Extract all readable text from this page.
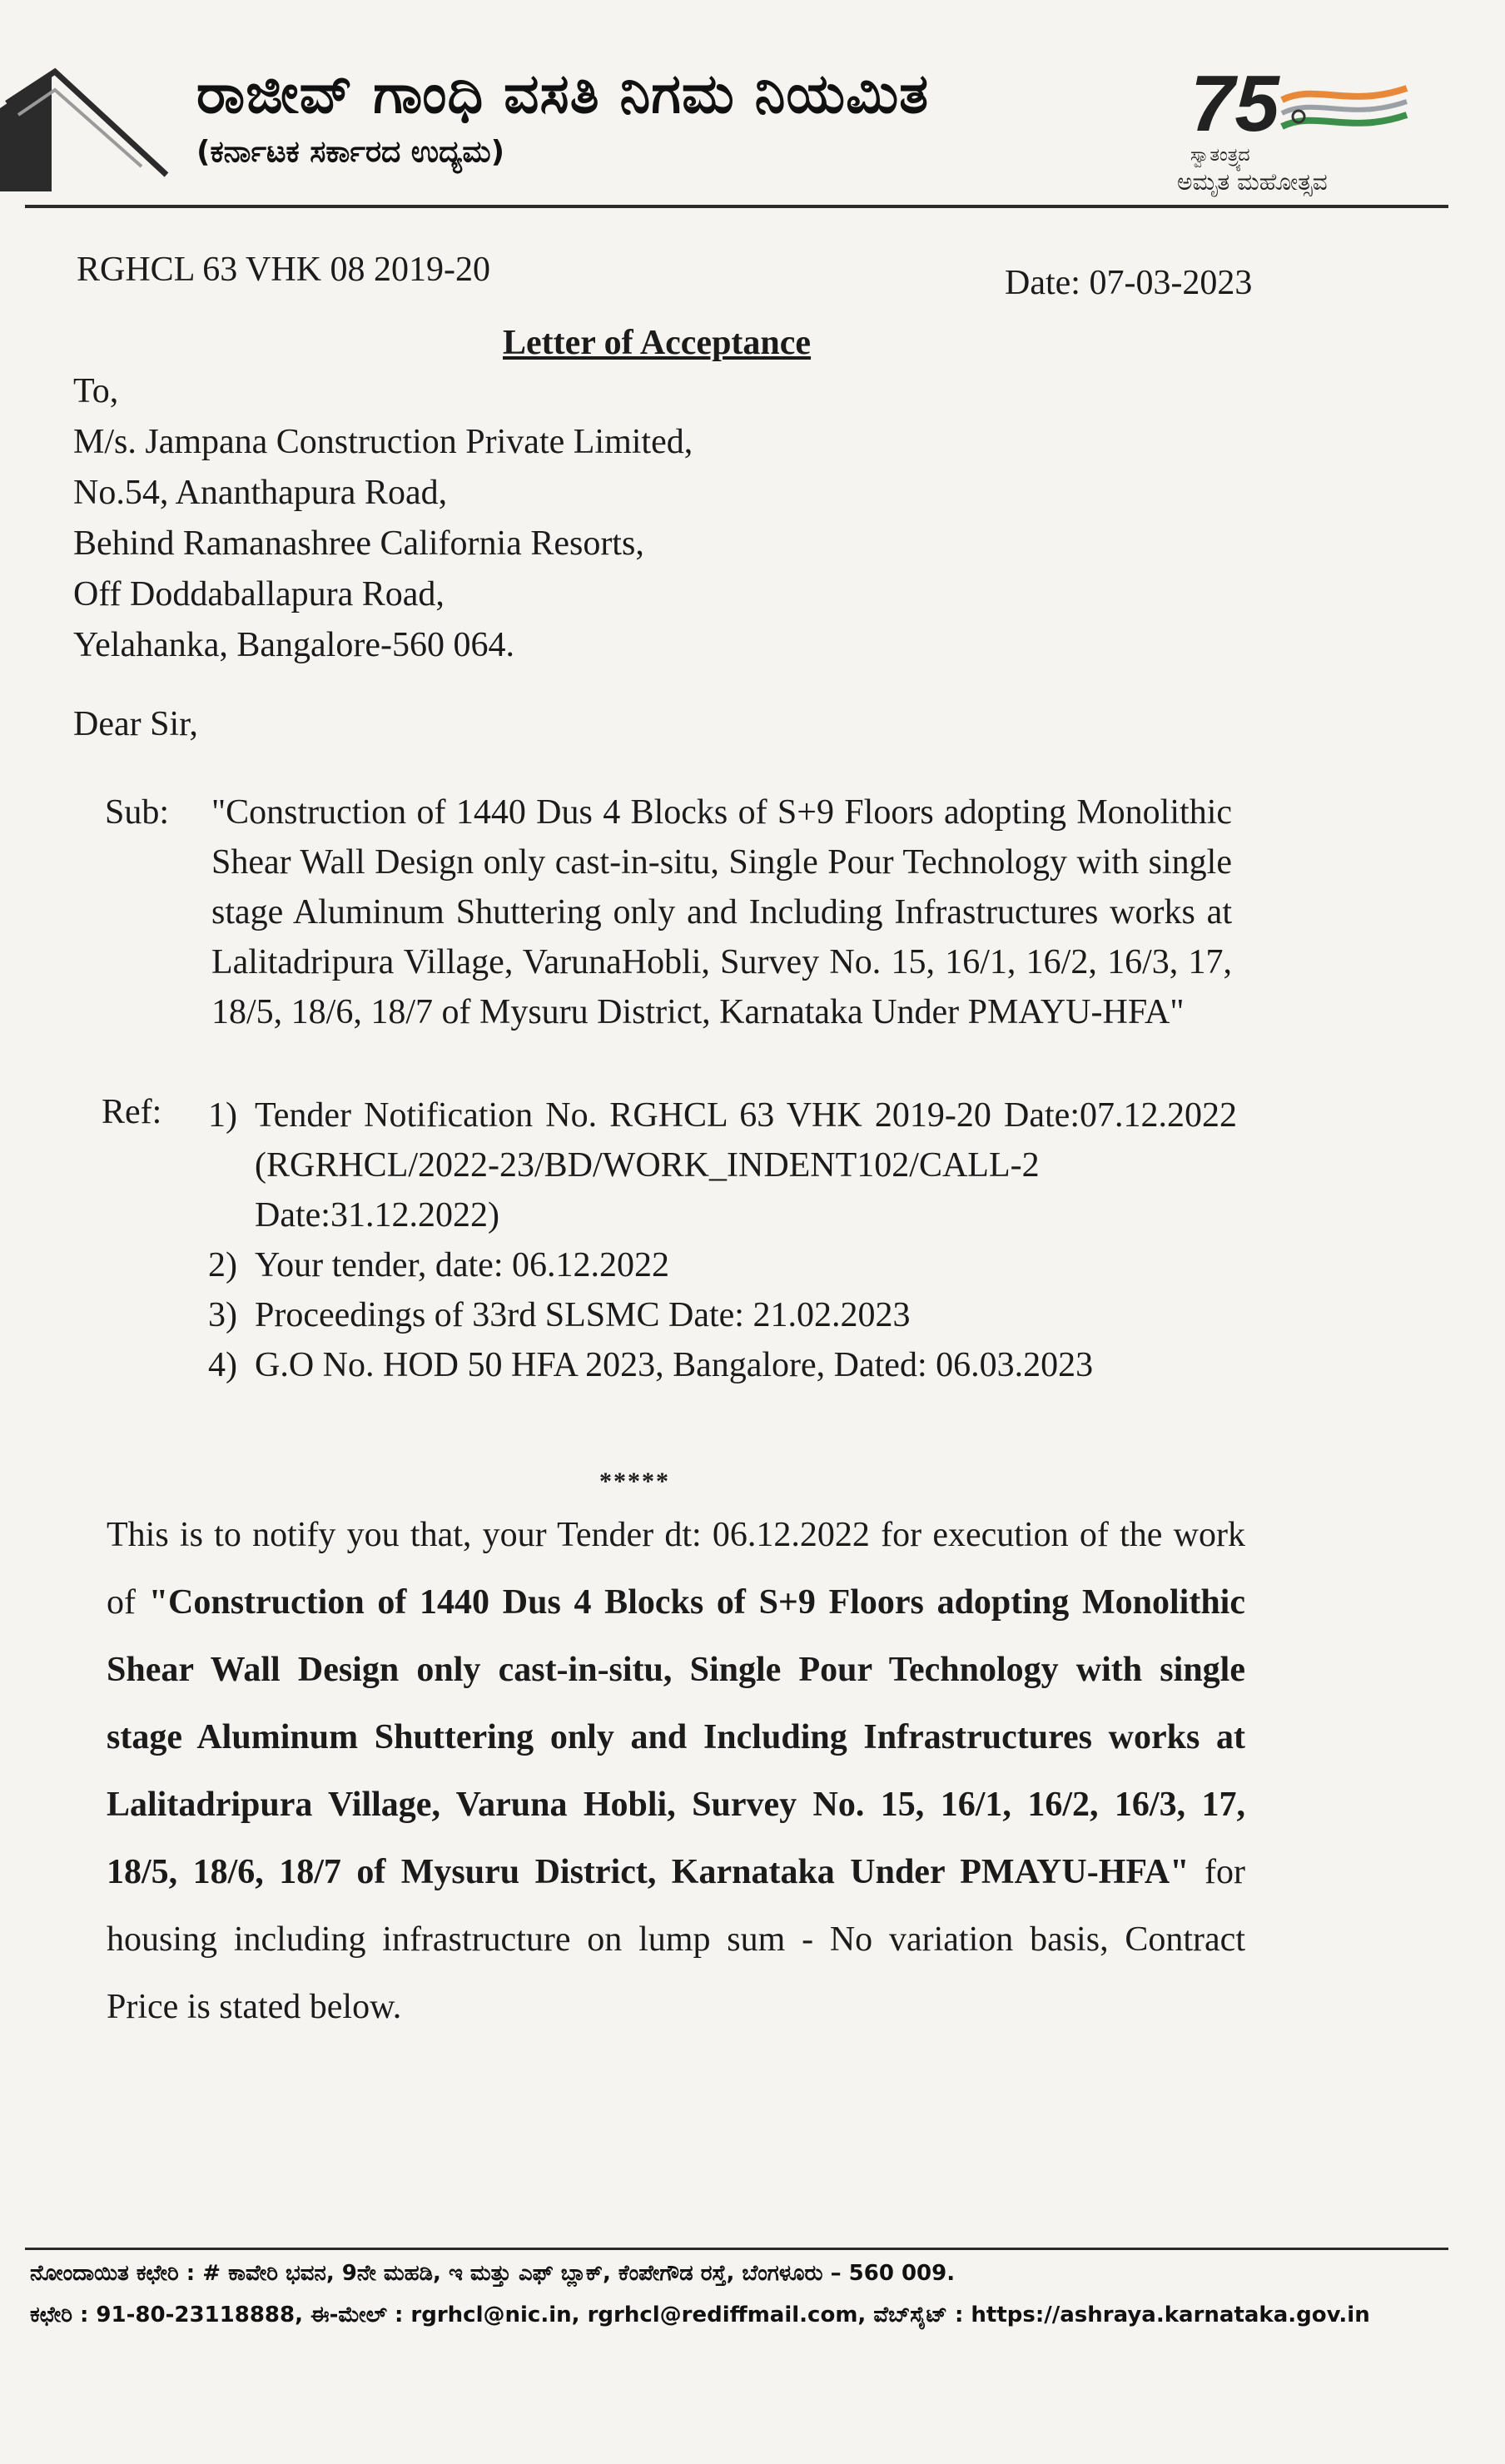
ರಾಜೀವ್ ಗಾಂಧಿ ವಸತಿ ನಿಗಮ ನಿಯಮಿತ
(ಕರ್ನಾಟಕ ಸರ್ಕಾರದ ಉದ್ಯಮ)
75
ಸ್ವಾತಂತ್ರ್ಯದ
ಅಮೃತ ಮಹೋತ್ಸವ
RGHCL 63 VHK 08 2019-20	Date: 07-03-2023
Letter of Acceptance
To,
M/s. Jampana Construction Private Limited,
No.54, Ananthapura Road,
Behind Ramanashree California Resorts,
Off Doddaballapura Road,
Yelahanka, Bangalore-560 064.
Dear Sir,
Sub: "Construction of 1440 Dus 4 Blocks of S+9 Floors adopting Monolithic Shear Wall Design only cast-in-situ, Single Pour Technology with single stage Aluminum Shuttering only and Including Infrastructures works at Lalitadripura Village, VarunaHobli, Survey No. 15, 16/1, 16/2, 16/3, 17, 18/5, 18/6, 18/7 of Mysuru District, Karnataka Under PMAYU-HFA"
Ref: 1) Tender Notification No. RGHCL 63 VHK 2019-20 Date:07.12.2022 (RGRHCL/2022-23/BD/WORK_INDENT102/CALL-2 Date:31.12.2022)
2) Your tender, date: 06.12.2022
3) Proceedings of 33rd SLSMC Date: 21.02.2023
4) G.O No. HOD 50 HFA 2023, Bangalore, Dated: 06.03.2023
*****
This is to notify you that, your Tender dt: 06.12.2022 for execution of the work of "Construction of 1440 Dus 4 Blocks of S+9 Floors adopting Monolithic Shear Wall Design only cast-in-situ, Single Pour Technology with single stage Aluminum Shuttering only and Including Infrastructures works at Lalitadripura Village, Varuna Hobli, Survey No. 15, 16/1, 16/2, 16/3, 17, 18/5, 18/6, 18/7 of Mysuru District, Karnataka Under PMAYU-HFA" for housing including infrastructure on lump sum - No variation basis, Contract Price is stated below.
ನೋಂದಾಯಿತ ಕಛೇರಿ : # ಕಾವೇರಿ ಭವನ, 9ನೇ ಮಹಡಿ, ಇ ಮತ್ತು ಎಫ್ ಬ್ಲಾಕ್, ಕೆಂಪೇಗೌಡ ರಸ್ತೆ, ಬೆಂಗಳೂರು – 560 009.
ಕಛೇರಿ : 91-80-23118888, ಈ-ಮೇಲ್ : rgrhcl@nic.in, rgrhcl@rediffmail.com, ವೆಬ್‌ಸೈಟ್ : https://ashraya.karnataka.gov.in
